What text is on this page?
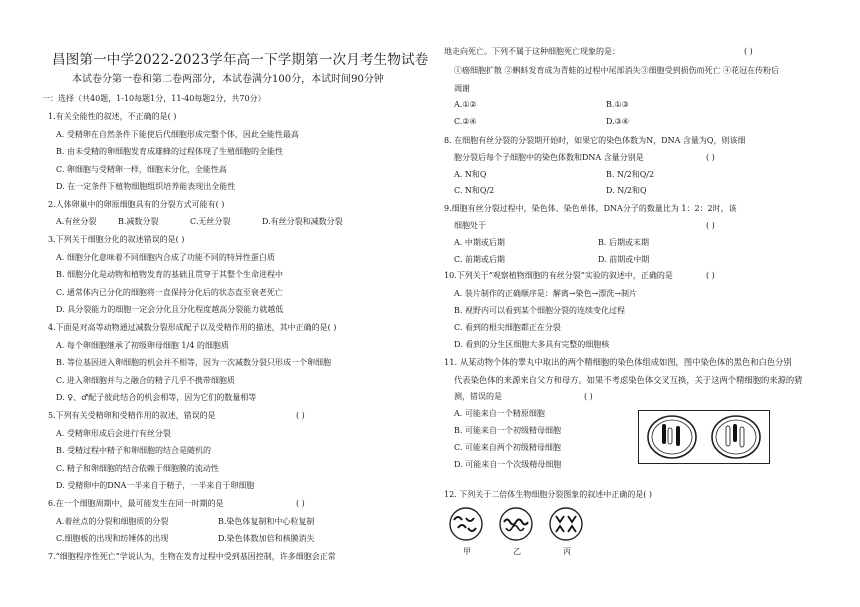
昌图第一中学2022-2023学年高一下学期第一次月考生物试卷
本试卷分第一卷和第二卷两部分，本试卷满分100分，本试时间90分钟
一：选择（共40题，1-10每题1分，11-40每题2分，共70分）
1.有关全能性的叙述，不正确的是( )
A. 受精卵在自然条件下能使后代细胞形成完整个体，因此全能性最高
B. 由未受精的卵细胞发育成雄蜂的过程体现了生殖细胞的全能性
C. 卵细胞与受精卵一样，细胞未分化，全能性高
D. 在一定条件下植物细胞组织培养能表现出全能性
2.人体卵巢中的卵原细胞具有的分裂方式可能有( )
A.有丝分裂	B.减数分裂	C.无丝分裂	D.有丝分裂和减数分裂
3.下列关于细胞分化的叙述错误的是( )
A. 细胞分化意味着不同细胞内合成了功能不同的特异性蛋白质
B. 细胞分化是动物和植物发育的基础且贯穿于其整个生命进程中
C. 通常体内已分化的细胞将一直保持分化后的状态直至衰老死亡
D. 具分裂能力的细胞一定会分化且分化程度越高分裂能力就越低
4.下面是对高等动物通过减数分裂形成配子以及受精作用的描述，其中正确的是( )
A. 每个卵细胞继承了初级卵母细胞 1/4 的细胞质
B. 等位基因进入卵细胞的机会并不相等，因为一次减数分裂只形成一个卵细胞
C. 进入卵细胞并与之融合的精子几乎不携带细胞质
D. ♀、♂配子彼此结合的机会相等，因为它们的数量相等
5.下列有关受精卵和受精作用的叙述，错误的是	( )
A. 受精卵形成后会进行有丝分裂
B. 受精过程中精子和卵细胞的结合是随机的
C. 精子和卵细胞的结合依赖于细胞膜的流动性
D. 受精卵中的DNA一半来自于精子，一半来自于卵细胞
6.在一个细胞周期中，最可能发生在同一时期的是	( )
A.着丝点的分裂和细胞质的分裂	B.染色体复制和中心粒复制
C.细胞板的出现和纺锤体的出现	D.染色体数加倍和核膜消失
7.“细胞程序性死亡”学说认为，生物在发育过程中受到基因控制，许多细胞会正常
地走向死亡。下列不属于这种细胞死亡现象的是：	( )
①癌细胞扩散 ②蝌蚪发育成为青蛙的过程中尾部消失③细胞受到损伤而死亡 ④花冠在传粉后
凋谢
A.①②	B.①③
C.②④	D.③④
8. 在细胞有丝分裂的分裂期开始时，如果它的染色体数为N，DNA 含量为Q，则该细
胞分裂后每个子细胞中的染色体数和DNA 含量分别是	( )
A. N和Q	B. N/2和Q/2
C. N和Q/2	D. N/2和Q
9.细胞有丝分裂过程中，染色体、染色单体，DNA分子的数量比为 1：2：2时，该
细胞处于	( )
A. 中期或后期	B. 后期或末期
C. 前期或后期	D. 前期或中期
10.下列关于“观察植物细胞的有丝分裂”实验的叙述中，正确的是	( )
A. 装片制作的正确顺序是：解离→染色→漂洗→制片
B. 视野内可以看到某个细胞分裂的连续变化过程
C. 看到的根尖细胞都正在分裂
D. 看到的分生区细胞大多具有完整的细胞核
11. 从某动物个体的睾丸中取出的两个精细胞的染色体组成如图，图中染色体的黑色和白色分别
代表染色体的来源来自父方和母方。如果不考虑染色体交叉互换，关于这两个精细胞的来源的猜
测，错误的是	( )
A. 可能来自一个精原细胞
B. 可能来自一个初级精母细胞
C. 可能来自两个初级精母细胞
D. 可能来自一个次级精母细胞
12. 下列关于二倍体生物细胞分裂图象的叙述中正确的是( )
甲	乙	丙
